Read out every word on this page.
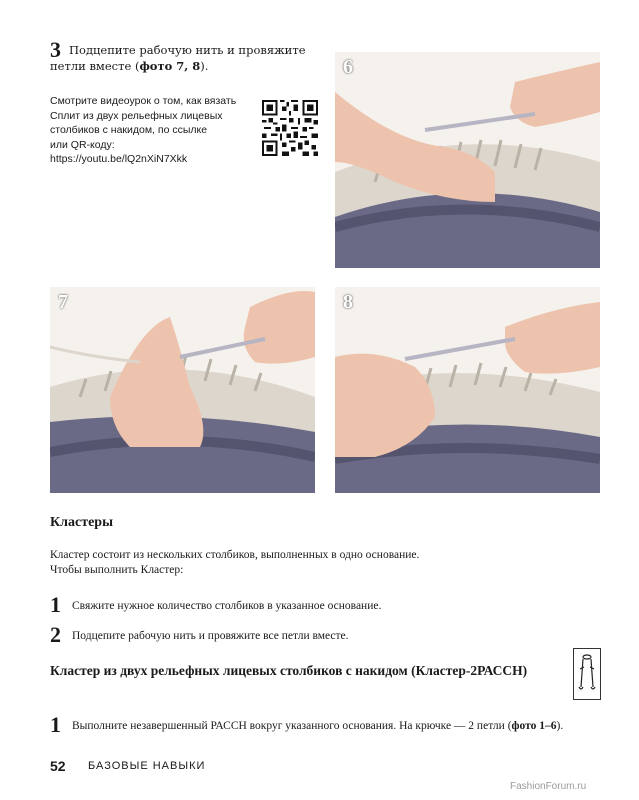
3 Подцепите рабочую нить и провяжите петли вместе (фото 7, 8).
Смотрите видеоурок о том, как вязать
Сплит из двух рельефных лицевых
столбиков с накидом, по ссылке
или QR-коду:
https://youtu.be/lQ2nXiN7Xkk
6
7	8
Кластеры
Кластер состоит из нескольких столбиков, выполненных в одно основание.
Чтобы выполнить Кластер:
1 Свяжите нужное количество столбиков в указанное основание.
2 Подцепите рабочую нить и провяжите все петли вместе.
Кластер из двух рельефных лицевых столбиков с накидом (Кластер-2РАССН)
1 Выполните незавершенный РАССН вокруг указанного основания. На крючке — 2 петли (фото 1–6).
52 БАЗОВЫЕ НАВЫКИ
FashionForum.ru
